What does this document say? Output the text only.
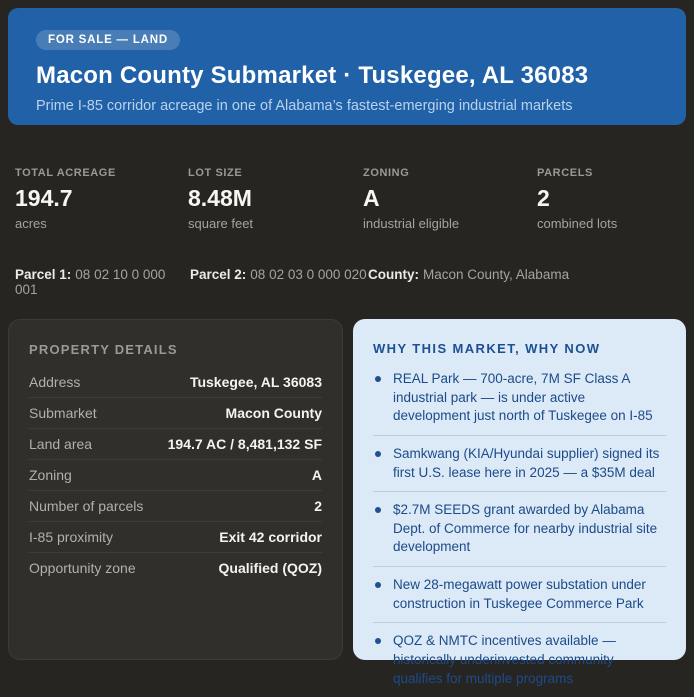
FOR SALE — LAND
Macon County Submarket · Tuskegee, AL 36083

Prime I-85 corridor acreage in one of Alabama’s fastest-emerging industrial markets

TOTAL ACREAGE
194.7
acres
LOT SIZE
8.48M
square feet
ZONING
A
industrial eligible
PARCELS
2
combined lots
Parcel 1: 08 02 10 0 000 001
Parcel 2: 08 02 03 0 000 020 County: Macon County, Alabama
PROPERTY DETAILS
Address	Tuskegee, AL 36083
Submarket	Macon County
Land area	194.7 AC / 8,481,132 SF
Zoning	A
Number of parcels	2
I-85 proximity	Exit 42 corridor
Opportunity zone	Qualified (QOZ)
WHY THIS MARKET, WHY NOW
REAL Park — 700-acre, 7M SF Class A industrial park — is under active development just north of Tuskegee on I-85
Samkwang (KIA/Hyundai supplier) signed its first U.S. lease here in 2025 — a $35M deal
$2.7M SEEDS grant awarded by Alabama Dept. of Commerce for nearby industrial site development
New 28-megawatt power substation under construction in Tuskegee Commerce Park
QOZ & NMTC incentives available — historically underinvested community qualifies for multiple programs
